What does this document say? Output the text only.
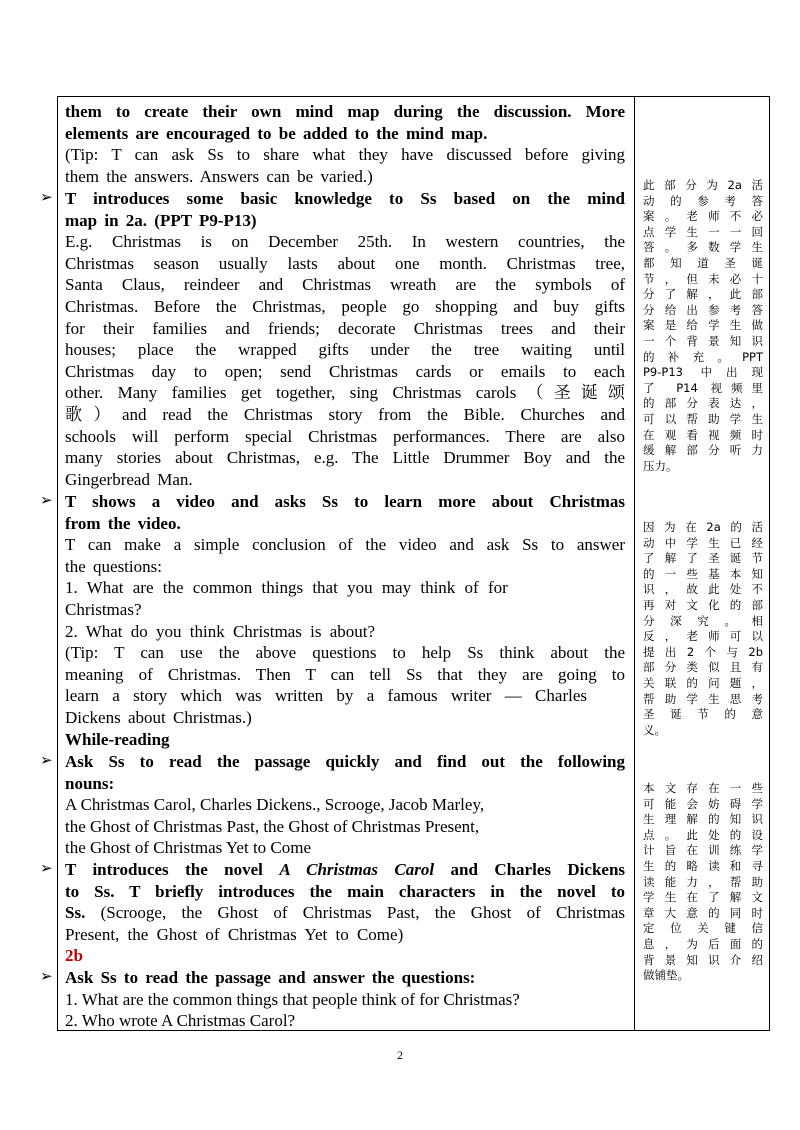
them to create their own mind map during the discussion. More
elements are encouraged to be added to the mind map.
(Tip: T can ask Ss to share what they have discussed before giving
them the answers. Answers can be varied.)
➢ T introduces some basic knowledge to Ss based on the mind
map in 2a. (PPT P9-P13)
E.g. Christmas is on December 25th. In western countries, the
Christmas season usually lasts about one month. Christmas tree,
Santa Claus, reindeer and Christmas wreath are the symbols of
Christmas. Before the Christmas, people go shopping and buy gifts
for their families and friends; decorate Christmas trees and their
houses; place the wrapped gifts under the tree waiting until
Christmas day to open; send Christmas cards or emails to each
other. Many families get together, sing Christmas carols（圣诞颂
歌）and read the Christmas story from the Bible. Churches and
schools will perform special Christmas performances. There are also
many stories about Christmas, e.g. The Little Drummer Boy and the
Gingerbread Man.
➢ T shows a video and asks Ss to learn more about Christmas
from the video.
T can make a simple conclusion of the video and ask Ss to answer
the questions:
1. What are the common things that you may think of for
Christmas?
2. What do you think Christmas is about?
(Tip: T can use the above questions to help Ss think about the
meaning of Christmas. Then T can tell Ss that they are going to
learn a story which was written by a famous writer — Charles
Dickens about Christmas.)
While-reading
➢ Ask Ss to read the passage quickly and find out the following
nouns:
A Christmas Carol, Charles Dickens., Scrooge, Jacob Marley,
the Ghost of Christmas Past, the Ghost of Christmas Present,
the Ghost of Christmas Yet to Come
➢ T introduces the novel A Christmas Carol and Charles Dickens
to Ss. T briefly introduces the main characters in the novel to
Ss. (Scrooge, the Ghost of Christmas Past, the Ghost of Christmas
Present, the Ghost of Christmas Yet to Come)
2b
➢ Ask Ss to read the passage and answer the questions:
1. What are the common things that people think of for Christmas?
2. Who wrote A Christmas Carol?
此部分为2a活
动的参考答
案。老师不必
点学生一一回
答。多数学生
都知道圣诞
节，但未必十
分了解，此部
分给出参考答
案是给学生做
一个背景知识
的补充。PPT
P9-P13 中出现
了 P14 视频里
的部分表达，
可以帮助学生
在观看视频时
缓解部分听力
压力。
因为在2a的活
动中学生已经
了解了圣诞节
的一些基本知
识，故此处不
再对文化的部
分深究。相
反，老师可以
提出2个与2b
部分类似且有
关联的问题，
帮助学生思考
圣诞节的意
义。
本文存在一些
可能会妨碍学
生理解的知识
点。此处的设
计旨在训练学
生的略读和寻
读能力，帮助
学生在了解文
章大意的同时
定位关键信
息，为后面的
背景知识介绍
做铺垫。
2
